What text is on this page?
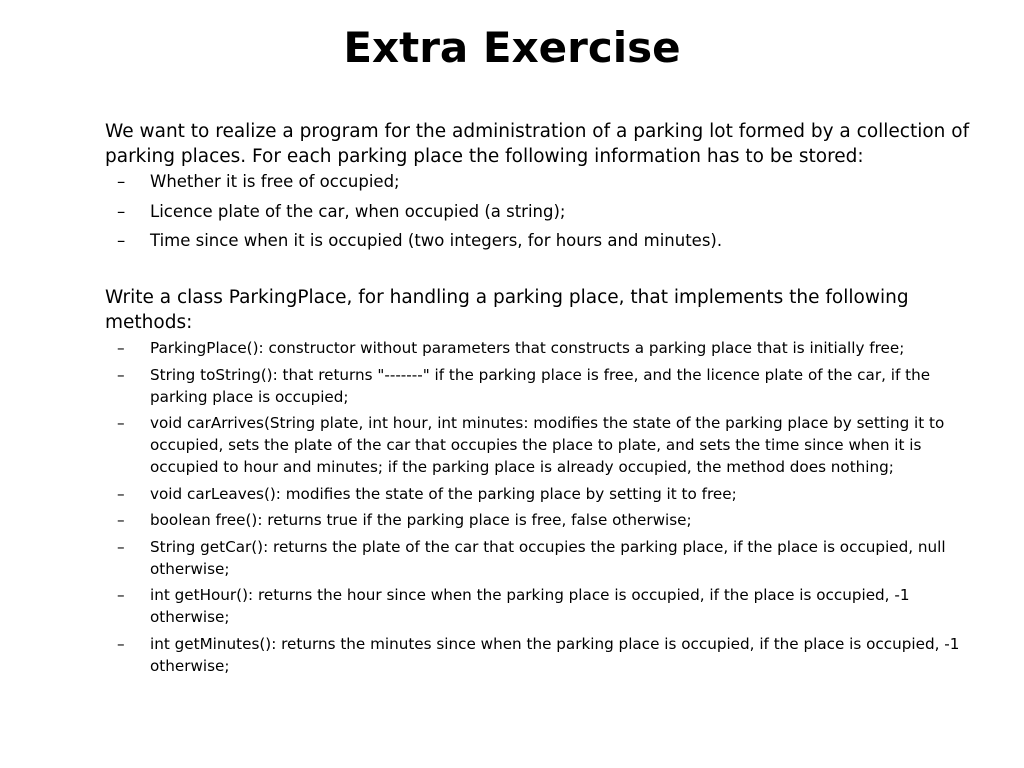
Extra Exercise

We want to realize a program for the administration of a parking lot formed by a collection of parking places. For each parking place the following information has to be stored:

– Whether it is free of occupied;
– Licence plate of the car, when occupied (a string);
– Time since when it is occupied (two integers, for hours and minutes).

Write a class ParkingPlace, for handling a parking place, that implements the following methods:

– ParkingPlace(): constructor without parameters that constructs a parking place that is initially free;
– String toString(): that returns "-------" if the parking place is free, and the licence plate of the car, if the parking place is occupied;
– void carArrives(String plate, int hour, int minutes: modifies the state of the parking place by setting it to occupied, sets the plate of the car that occupies the place to plate, and sets the time since when it is occupied to hour and minutes; if the parking place is already occupied, the method does nothing;
– void carLeaves(): modifies the state of the parking place by setting it to free;
– boolean free(): returns true if the parking place is free, false otherwise;
– String getCar(): returns the plate of the car that occupies the parking place, if the place is occupied, null otherwise;
– int getHour(): returns the hour since when the parking place is occupied, if the place is occupied, -1 otherwise;
– int getMinutes(): returns the minutes since when the parking place is occupied, if the place is occupied, -1 otherwise;
